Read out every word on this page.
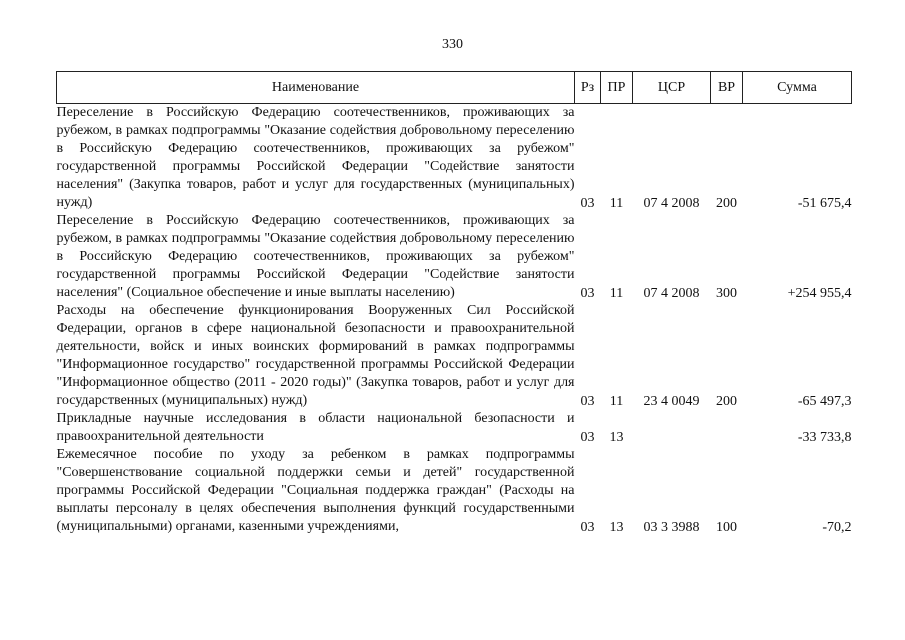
330
Наименование	Рз	ПР	ЦСР	ВР	Сумма
Переселение в Российскую Федерацию соотечественников, проживающих за рубежом, в рамках подпрограммы "Оказание содействия добровольному переселению в Российскую Федерацию соотечественников, проживающих за рубежом" государственной программы Российской Федерации "Содействие занятости населения" (Закупка товаров, работ и услуг для государственных (муниципальных) нужд)	03	11	07 4 2008	200	-51 675,4
Переселение в Российскую Федерацию соотечественников, проживающих за рубежом, в рамках подпрограммы "Оказание содействия добровольному переселению в Российскую Федерацию соотечественников, проживающих за рубежом" государственной программы Российской Федерации "Содействие занятости населения" (Социальное обеспечение и иные выплаты населению)	03	11	07 4 2008	300	+254 955,4
Расходы на обеспечение функционирования Вооруженных Сил Российской Федерации, органов в сфере национальной безопасности и правоохранительной деятельности, войск и иных воинских формирований в рамках подпрограммы "Информационное государство" государственной программы Российской Федерации "Информационное общество (2011 - 2020 годы)" (Закупка товаров, работ и услуг для государственных (муниципальных) нужд)	03	11	23 4 0049	200	-65 497,3
Прикладные научные исследования в области национальной безопасности и правоохранительной деятельности	03	13			-33 733,8
Ежемесячное пособие по уходу за ребенком в рамках подпрограммы "Совершенствование социальной поддержки семьи и детей" государственной программы Российской Федерации "Социальная поддержка граждан" (Расходы на выплаты персоналу в целях обеспечения выполнения функций государственными (муниципальными) органами, казенными учреждениями,	03	13	03 3 3988	100	-70,2
